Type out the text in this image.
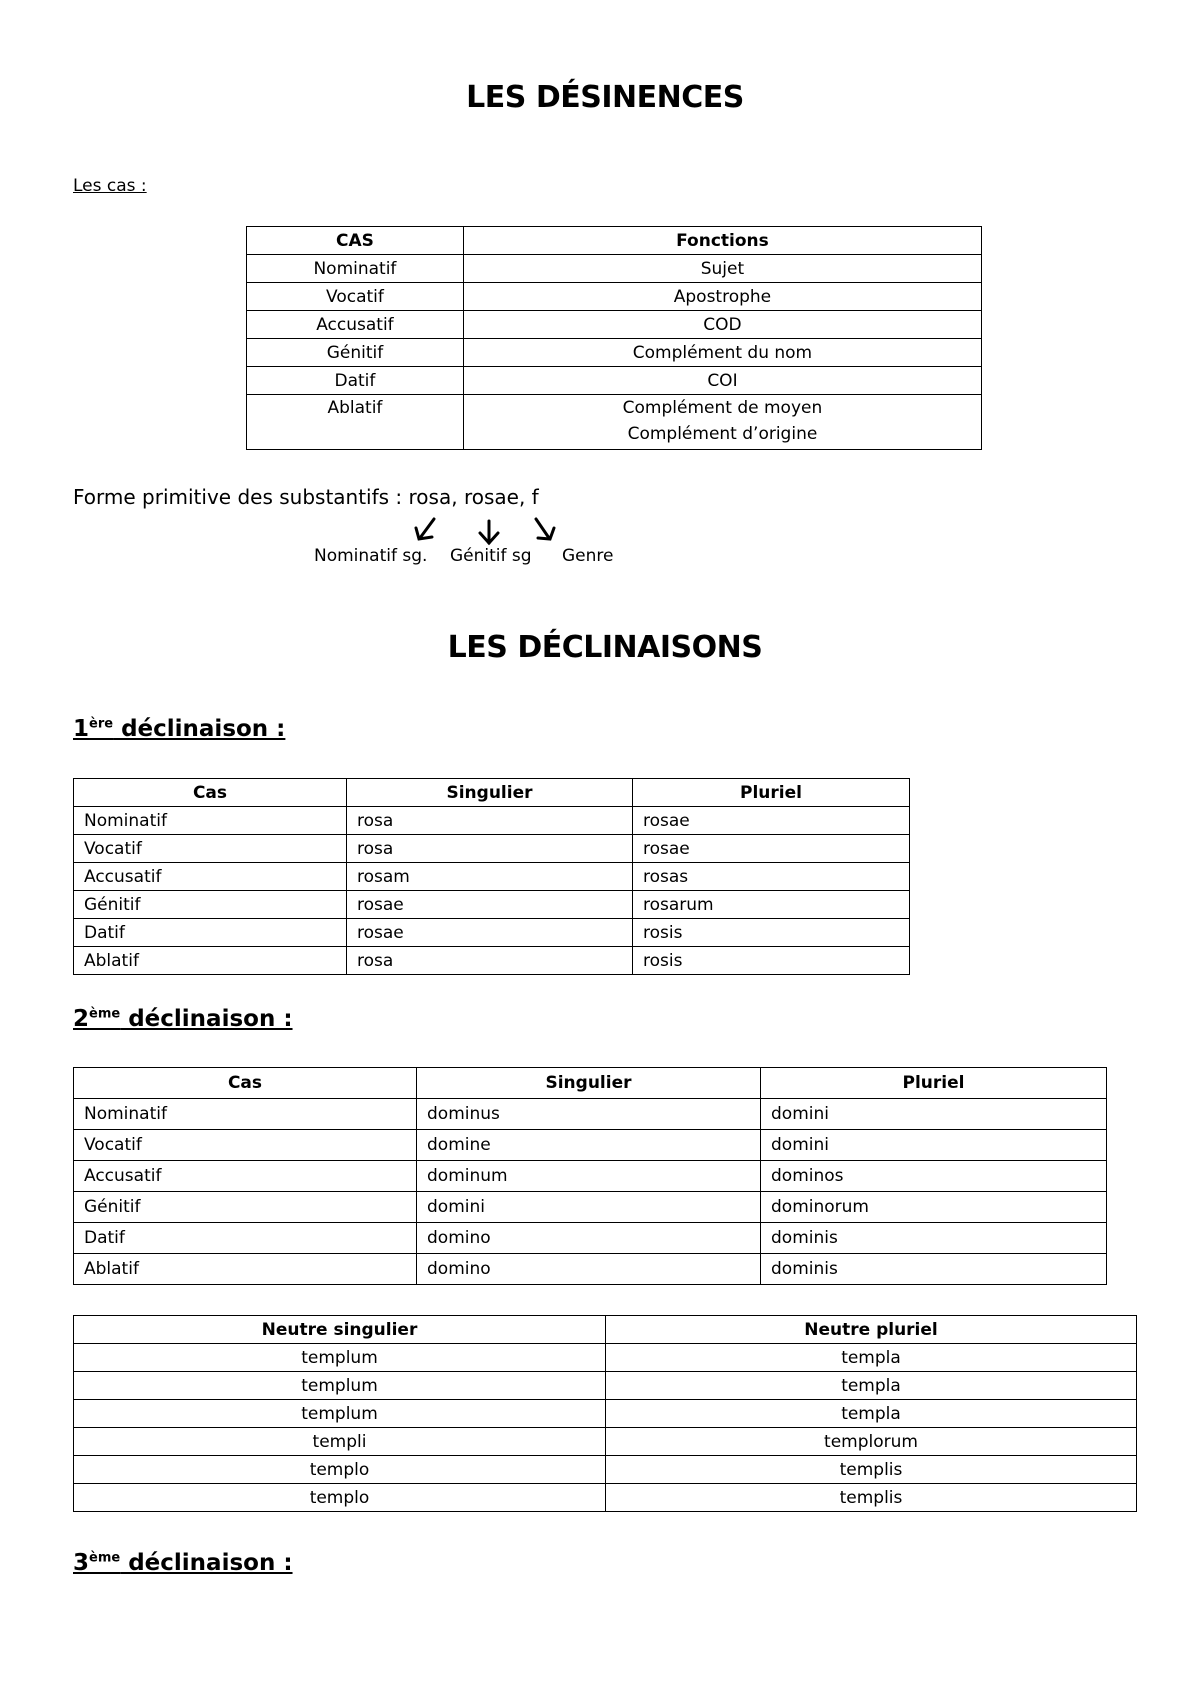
LES DÉSINENCES
Les cas :
CAS	Fonctions
Nominatif	Sujet
Vocatif	Apostrophe
Accusatif	COD
Génitif	Complément du nom
Datif	COI
Ablatif	Complément de moyen
Complément d’origine
Forme primitive des substantifs : rosa, rosae, f
Nominatif sg. Génitif sg Genre
LES DÉCLINAISONS
1ère déclinaison :
Cas	Singulier	Pluriel
Nominatif	rosa	rosae
Vocatif	rosa	rosae
Accusatif	rosam	rosas
Génitif	rosae	rosarum
Datif	rosae	rosis
Ablatif	rosa	rosis
2ème déclinaison :
Cas	Singulier	Pluriel
Nominatif	dominus	domini
Vocatif	domine	domini
Accusatif	dominum	dominos
Génitif	domini	dominorum
Datif	domino	dominis
Ablatif	domino	dominis
Neutre singulier	Neutre pluriel
templum	templa
templum	templa
templum	templa
templi	templorum
templo	templis
templo	templis
3ème déclinaison :
